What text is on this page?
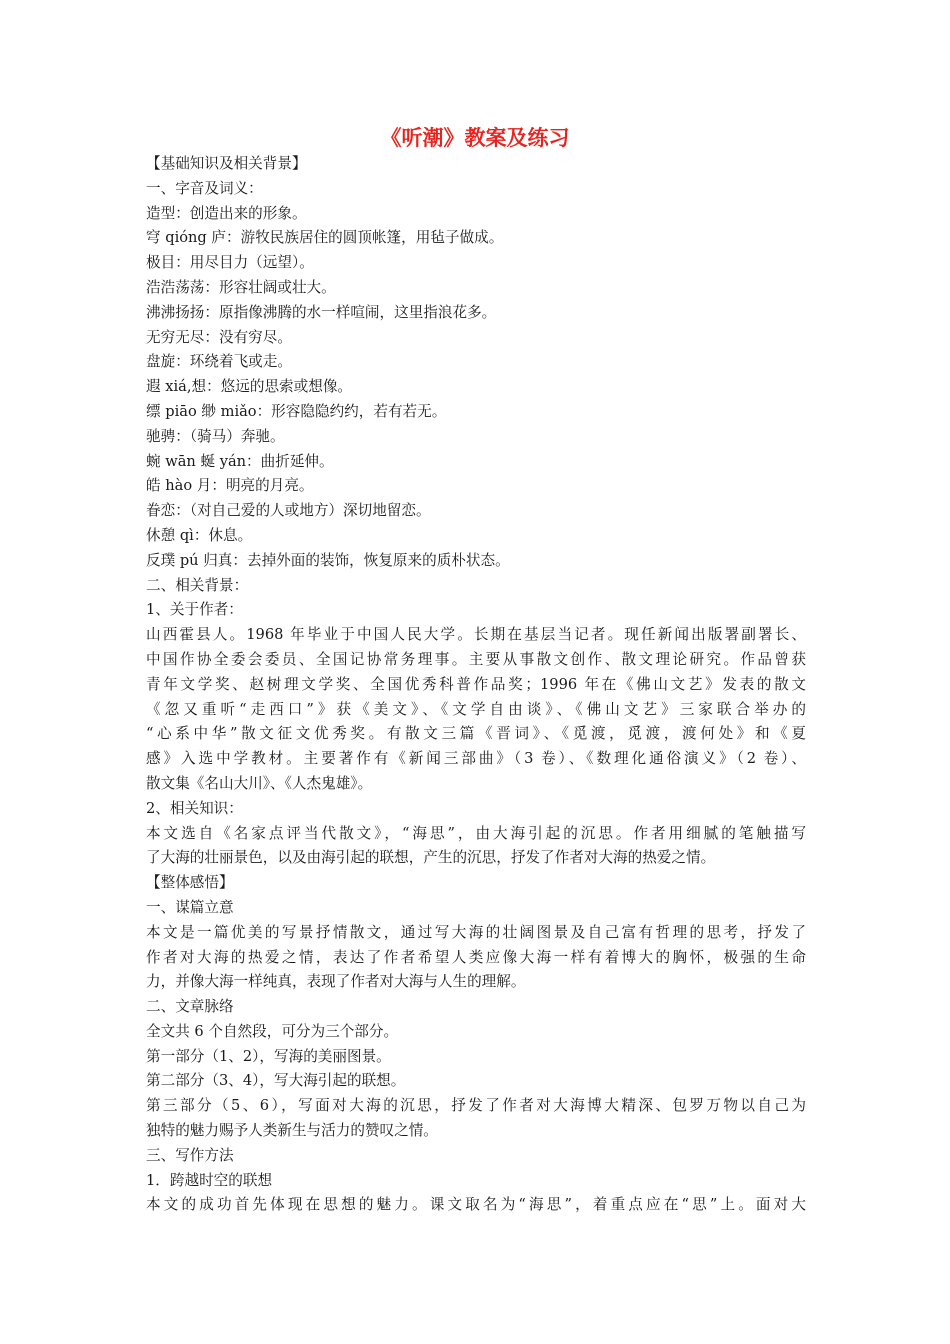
《听潮》教案及练习
【基础知识及相关背景】
一、字音及词义：
造型：创造出来的形象。
穹 qióng 庐：游牧民族居住的圆顶帐篷，用毡子做成。
极目：用尽目力（远望）。
浩浩荡荡：形容壮阔或壮大。
沸沸扬扬：原指像沸腾的水一样喧闹，这里指浪花多。
无穷无尽：没有穷尽。
盘旋：环绕着飞或走。
遐 xiá,想：悠远的思索或想像。
缥 piāo 缈 miǎo：形容隐隐约约，若有若无。
驰骋：（骑马）奔驰。
蜿 wān 蜒 yán：曲折延伸。
皓 hào 月：明亮的月亮。
眷恋：（对自己爱的人或地方）深切地留恋。
休憩 qì：休息。
反璞 pú 归真：去掉外面的装饰，恢复原来的质朴状态。
二、相关背景：
1、关于作者：
山西霍县人。1968 年毕业于中国人民大学。长期在基层当记者。现任新闻出版署副署长、
中国作协全委会委员、全国记协常务理事。主要从事散文创作、散文理论研究。作品曾获
青年文学奖、赵树理文学奖、全国优秀科普作品奖；1996 年在《佛山文艺》发表的散文
《忽又重听“走西口”》获《美文》、《文学自由谈》、《佛山文艺》三家联合举办的
“心系中华”散文征文优秀奖。有散文三篇《晋词》、《觅渡，觅渡，渡何处》和《夏
感》入选中学教材。主要著作有《新闻三部曲》（3 卷）、《数理化通俗演义》（2 卷）、
散文集《名山大川》、《人杰鬼雄》。
2、相关知识：
本文选自《名家点评当代散文》，“海思”，由大海引起的沉思。作者用细腻的笔触描写
了大海的壮丽景色，以及由海引起的联想，产生的沉思，抒发了作者对大海的热爱之情。
【整体感悟】
一、谋篇立意
本文是一篇优美的写景抒情散文，通过写大海的壮阔图景及自己富有哲理的思考，抒发了
作者对大海的热爱之情，表达了作者希望人类应像大海一样有着博大的胸怀，极强的生命
力，并像大海一样纯真，表现了作者对大海与人生的理解。
二、文章脉络
全文共 6 个自然段，可分为三个部分。
第一部分（1、2），写海的美丽图景。
第二部分（3、4），写大海引起的联想。
第三部分（5、6），写面对大海的沉思，抒发了作者对大海博大精深、包罗万物以自己为
独特的魅力赐予人类新生与活力的赞叹之情。
三、写作方法
1．跨越时空的联想
本文的成功首先体现在思想的魅力。课文取名为“海思”，着重点应在“思”上。面对大
